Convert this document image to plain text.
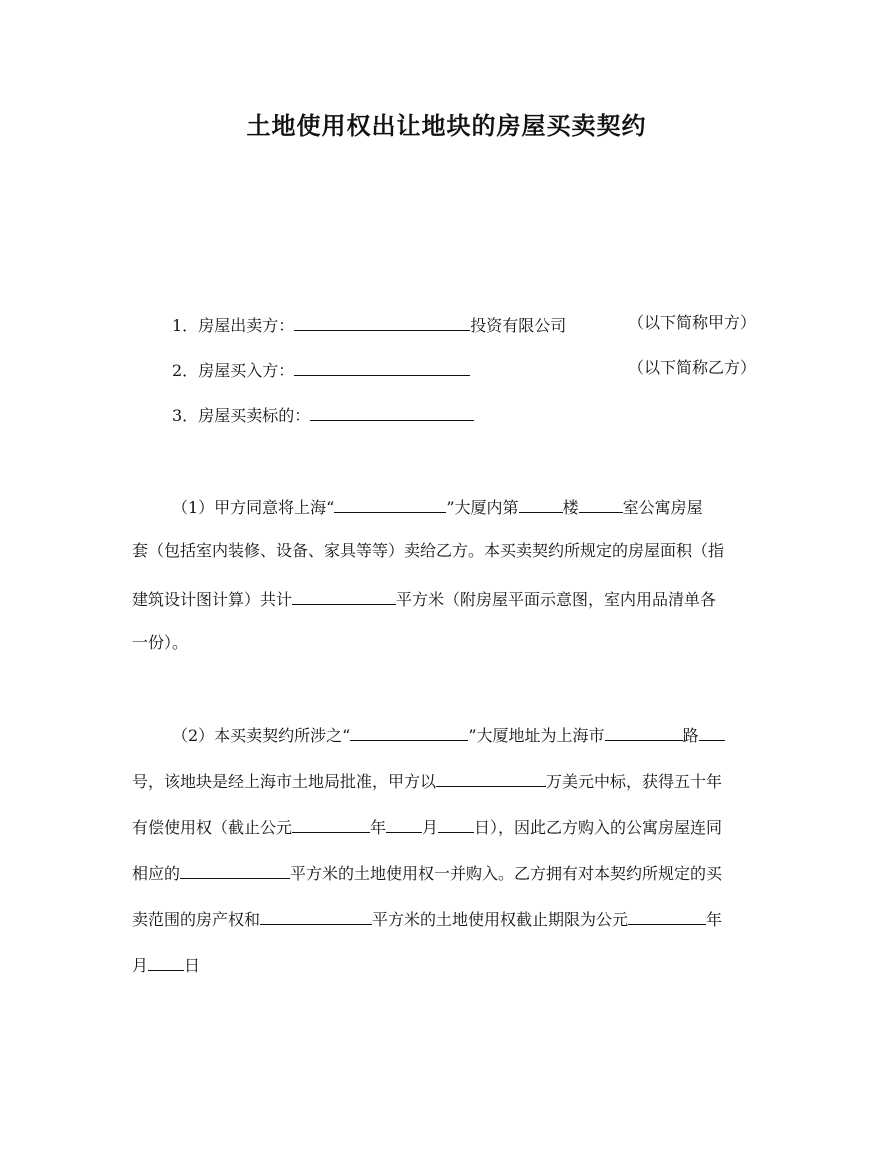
土地使用权出让地块的房屋买卖契约
1．房屋出卖方：	投资有限公司	（以下简称甲方）
2．房屋买入方：	（以下简称乙方）
3．房屋买卖标的：
（1）甲方同意将上海“	”大厦内第	楼	室公寓房屋
套（包括室内装修、设备、家具等等）卖给乙方。本买卖契约所规定的房屋面积（指
建筑设计图计算）共计	平方米（附房屋平面示意图，室内用品清单各
一份）。
（2）本买卖契约所涉之“	”大厦地址为上海市	路
号，该地块是经上海市土地局批准，甲方以	万美元中标，获得五十年
有偿使用权（截止公元	年 月 日），因此乙方购入的公寓房屋连同
相应的	平方米的土地使用权一并购入。乙方拥有对本契约所规定的买
卖范围的房产权和	平方米的土地使用权截止期限为公元	年
月 日
